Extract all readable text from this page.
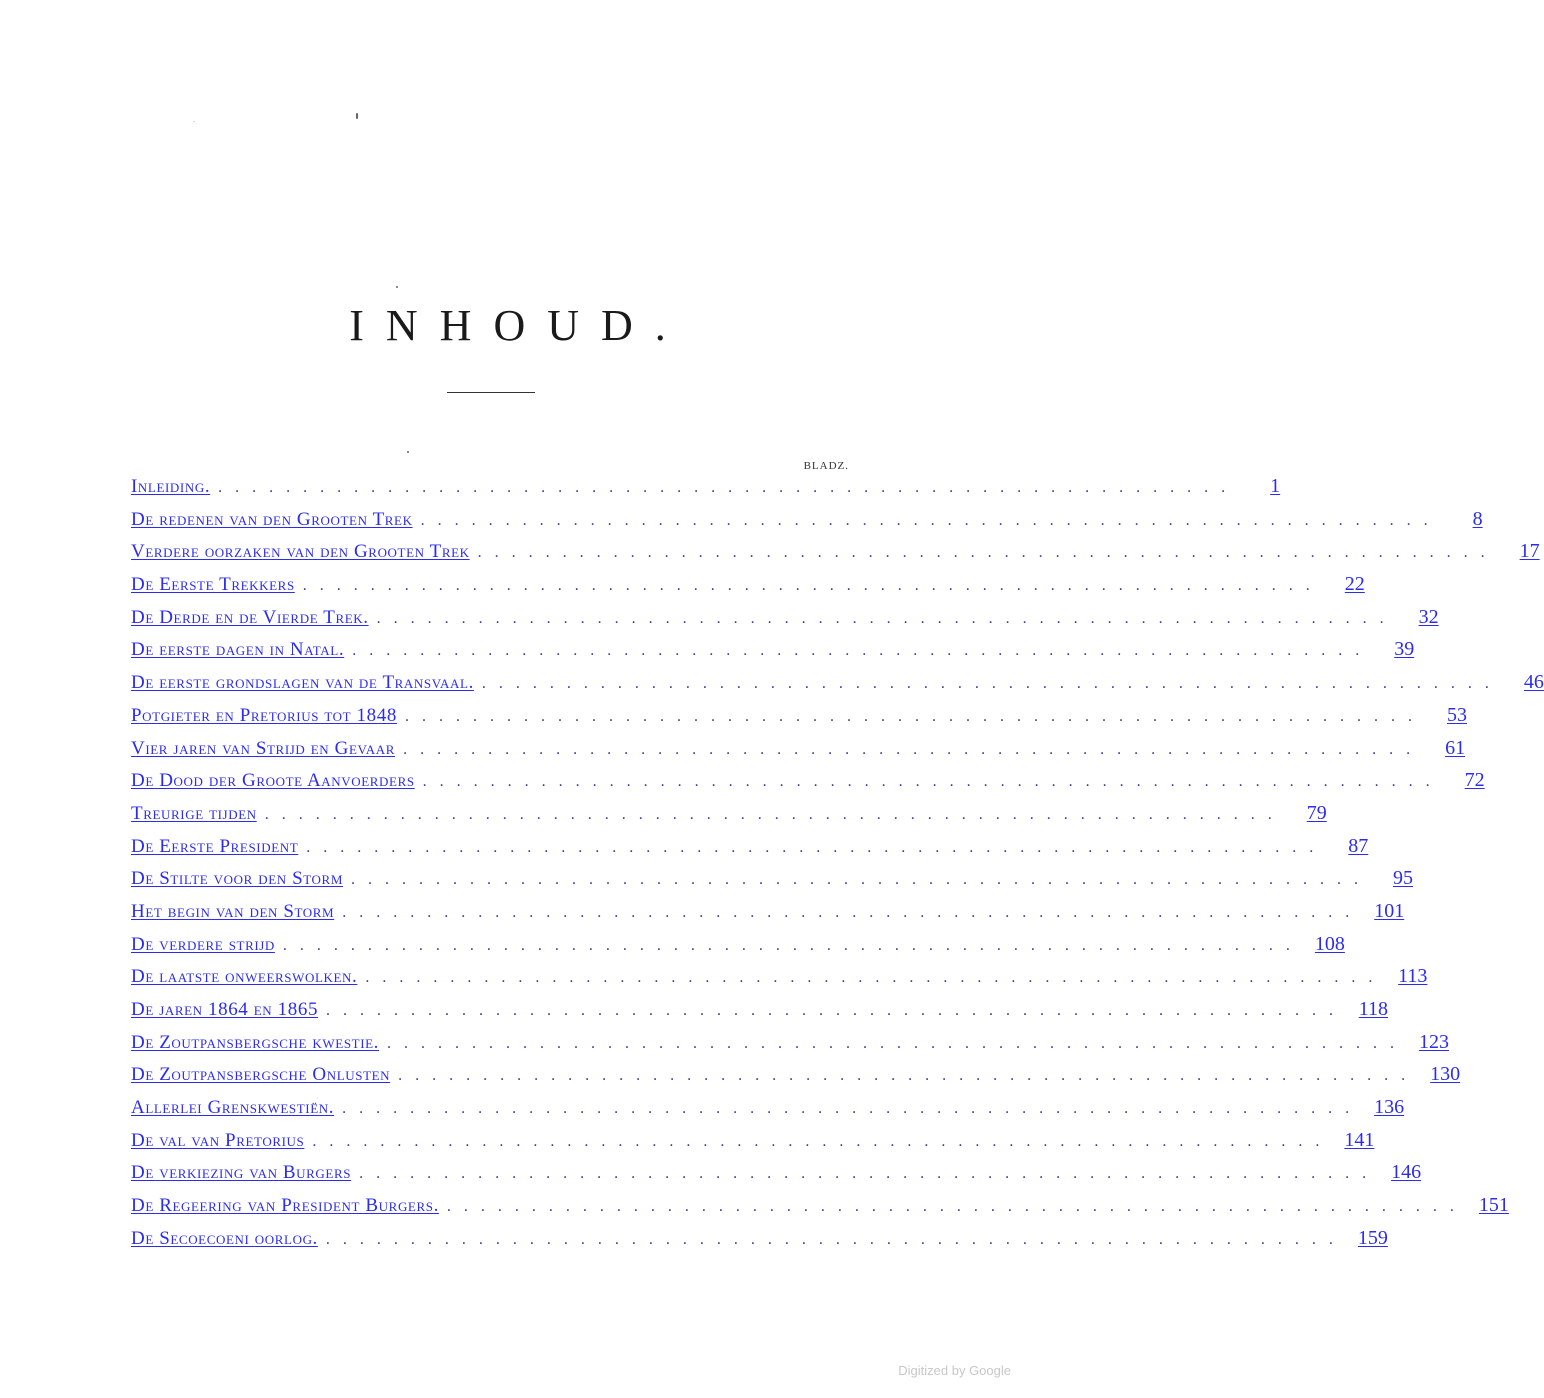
INHOUD.
BLADZ.
Inleiding. ............................................................	1
De redenen van den Grooten Trek ............................................................	8
Verdere oorzaken van den Grooten Trek ............................................................	17
De Eerste Trekkers ............................................................	22
De Derde en de Vierde Trek. ............................................................	32
De eerste dagen in Natal. ............................................................	39
De eerste grondslagen van de Transvaal. ............................................................	46
Potgieter en Pretorius tot 1848 ............................................................	53
Vier jaren van Strijd en Gevaar ............................................................	61
De Dood der Groote Aanvoerders ............................................................	72
Treurige tijden ............................................................	79
De Eerste President ............................................................	87
De Stilte voor den Storm ............................................................	95
Het begin van den Storm ............................................................ 101
De verdere strijd ............................................................ 108
De laatste onweerswolken. ............................................................ 113
De jaren 1864 en 1865 ............................................................ 118
De Zoutpansbergsche kwestie. ............................................................ 123
De Zoutpansbergsche Onlusten ............................................................ 130
Allerlei Grenskwestiën. ............................................................ 136
De val van Pretorius ............................................................ 141
De verkiezing van Burgers ............................................................ 146
De Regeering van President Burgers. ............................................................ 151
De Secoecoeni oorlog. ............................................................ 159
Digitized by Google
